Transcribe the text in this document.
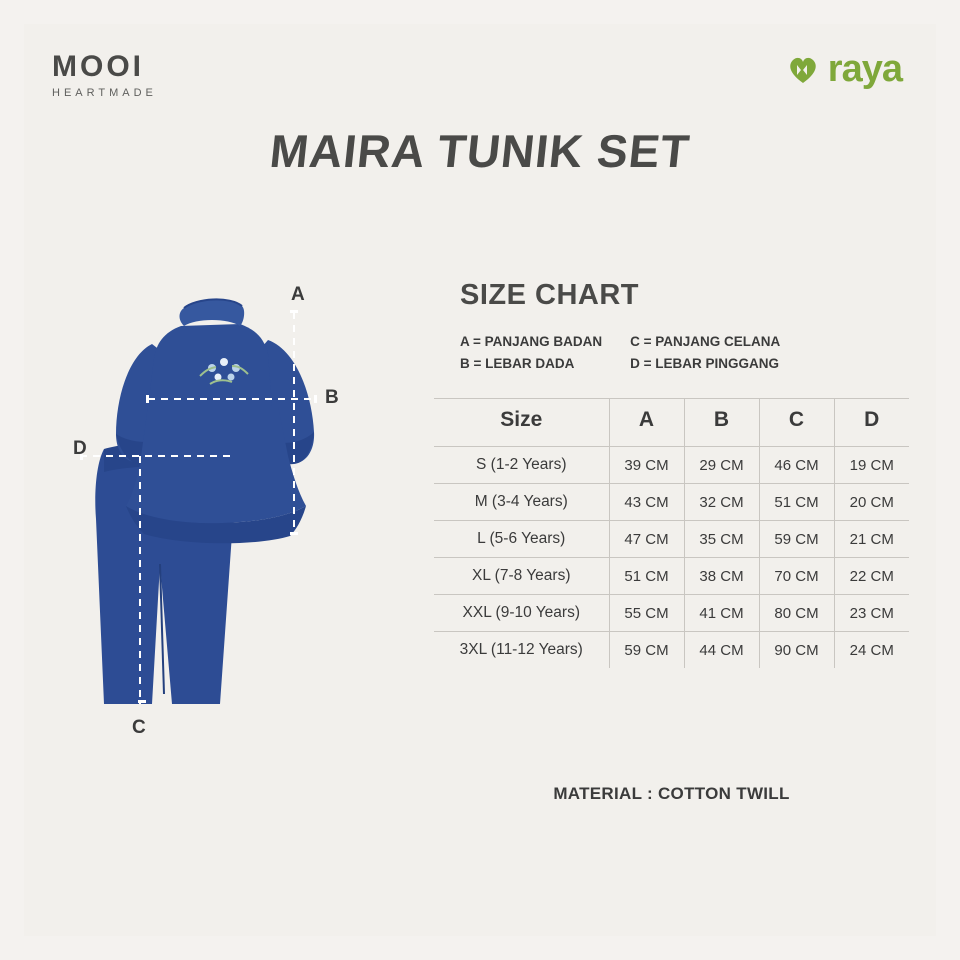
MOOI
HEARTMADE
raya
MAIRA TUNIK SET
A
B
C
D
SIZE CHART
A = PANJANG BADAN
B = LEBAR DADA
C = PANJANG CELANA
D = LEBAR PINGGANG
Size	A	B	C	D
S (1-2 Years)	39 CM	29 CM	46 CM	19 CM
M (3-4 Years)	43 CM	32 CM	51 CM	20 CM
L (5-6 Years)	47 CM	35 CM	59 CM	21 CM
XL (7-8 Years)	51 CM	38 CM	70 CM	22 CM
XXL (9-10 Years)	55 CM	41 CM	80 CM	23 CM
3XL (11-12 Years)	59 CM	44 CM	90 CM	24 CM
MATERIAL : COTTON TWILL
